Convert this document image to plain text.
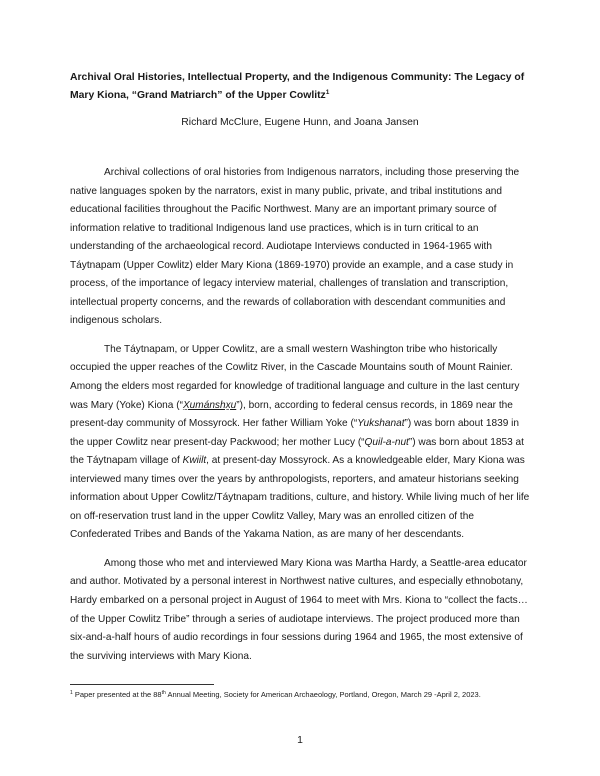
Archival Oral Histories, Intellectual Property, and the Indigenous Community: The Legacy of Mary Kiona, “Grand Matriarch” of the Upper Cowlitz$^1$
Richard McClure, Eugene Hunn, and Joana Jansen

Archival collections of oral histories from Indigenous narrators, including those preserving the native languages spoken by the narrators, exist in many public, private, and tribal institutions and educational facilities throughout the Pacific Northwest. Many are an important primary source of information relative to traditional Indigenous land use practices, which is in turn critical to an understanding of the archaeological record. Audiotape Interviews conducted in 1964-1965 with Táytnapam (Upper Cowlitz) elder Mary Kiona (1869-1970) provide an example, and a case study in process, of the importance of legacy interview material, challenges of translation and transcription, intellectual property concerns, and the rewards of collaboration with descendant communities and indigenous scholars.

The Táytnapam, or Upper Cowlitz, are a small western Washington tribe who historically occupied the upper reaches of the Cowlitz River, in the Cascade Mountains south of Mount Rainier. Among the elders most regarded for knowledge of traditional language and culture in the last century was Mary (Yoke) Kiona (“X̱umánshx̱u”), born, according to federal census records, in 1869 near the present-day community of Mossyrock. Her father William Yoke (“Yukshanat”) was born about 1839 in the upper Cowlitz near present-day Packwood; her mother Lucy (“Quil-a-nut”) was born about 1853 at the Táytnapam village of Kwiilt, at present-day Mossyrock. As a knowledgeable elder, Mary Kiona was interviewed many times over the years by anthropologists, reporters, and amateur historians seeking information about Upper Cowlitz/Táytnapam traditions, culture, and history. While living much of her life on off-reservation trust land in the upper Cowlitz Valley, Mary was an enrolled citizen of the Confederated Tribes and Bands of the Yakama Nation, as are many of her descendants.

Among those who met and interviewed Mary Kiona was Martha Hardy, a Seattle-area educator and author. Motivated by a personal interest in Northwest native cultures, and especially ethnobotany, Hardy embarked on a personal project in August of 1964 to meet with Mrs. Kiona to “collect the facts… of the Upper Cowlitz Tribe” through a series of audiotape interviews. The project produced more than six-and-a-half hours of audio recordings in four sessions during 1964 and 1965, the most extensive of the surviving interviews with Mary Kiona.

$^1$ Paper presented at the 88th Annual Meeting, Society for American Archaeology, Portland, Oregon, March 29 -April 2, 2023.
1
